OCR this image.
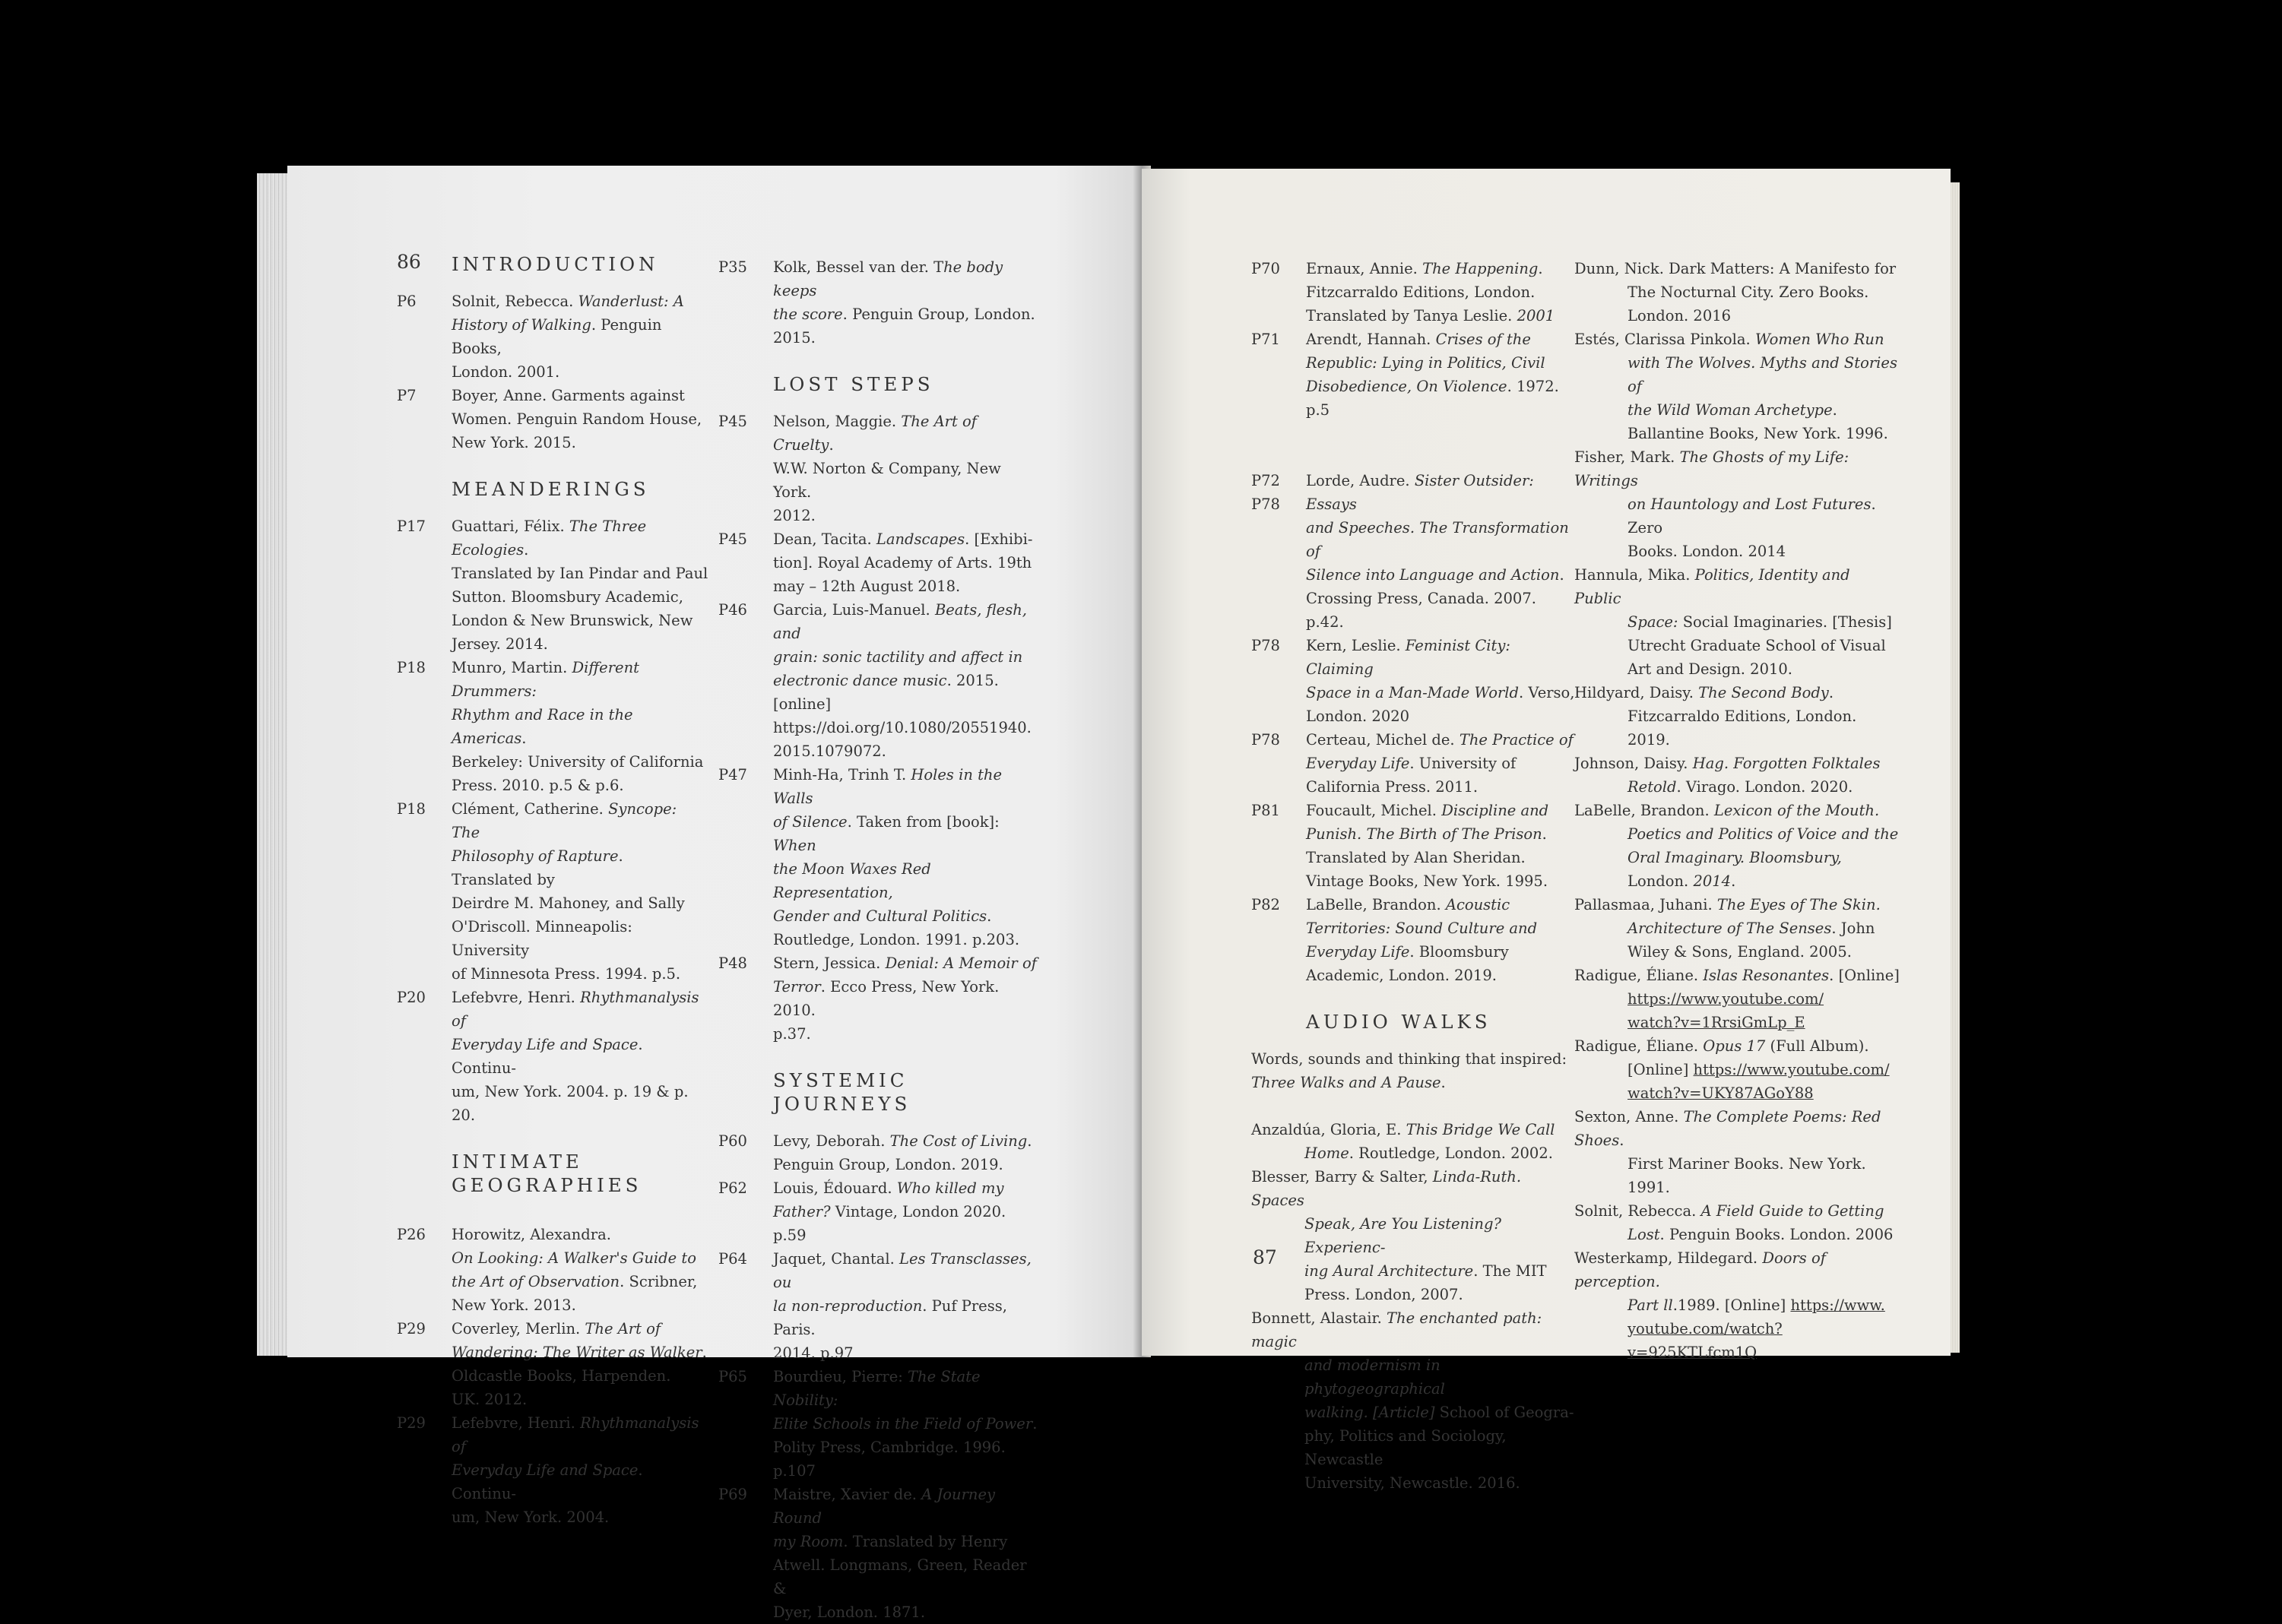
INTRODUCTION
P6 Solnit, Rebecca. Wanderlust: A
History of Walking. Penguin Books,
London. 2001.
P7 Boyer, Anne. Garments against
Women. Penguin Random House,
New York. 2015.
MEANDERINGS
P17 Guattari, Félix. The Three Ecologies.
Translated by Ian Pindar and Paul
Sutton. Bloomsbury Academic,
London & New Brunswick, New
Jersey. 2014.
P18 Munro, Martin. Different Drummers:
Rhythm and Race in the Americas.
Berkeley: University of California
Press. 2010. p.5 & p.6.
P18 Clément, Catherine. Syncope: The
Philosophy of Rapture. Translated by
Deirdre M. Mahoney, and Sally
O'Driscoll. Minneapolis: University
of Minnesota Press. 1994. p.5.
P20 Lefebvre, Henri. Rhythmanalysis of
Everyday Life and Space. Continu-
um, New York. 2004. p. 19 & p. 20.
INTIMATE
GEOGRAPHIES
P26 Horowitz, Alexandra.
On Looking: A Walker's Guide to
the Art of Observation. Scribner,
New York. 2013.
P29 Coverley, Merlin. The Art of
Wandering: The Writer as Walker.
Oldcastle Books, Harpenden.
UK. 2012.
P29 Lefebvre, Henri. Rhythmanalysis of
Everyday Life and Space. Continu-
um, New York. 2004.
P35 Kolk, Bessel van der. The body keeps
the score. Penguin Group, London.
2015.
LOST STEPS
P45 Nelson, Maggie. The Art of Cruelty.
W.W. Norton & Company, New York.
2012.
P45 Dean, Tacita. Landscapes. [Exhibi-
tion]. Royal Academy of Arts. 19th
may – 12th August 2018.
P46 Garcia, Luis-Manuel. Beats, flesh, and
grain: sonic tactility and affect in
electronic dance music. 2015. [online]
https://doi.org/10.1080/20551940.
2015.1079072.
P47 Minh-Ha, Trinh T. Holes in the Walls
of Silence. Taken from [book]: When
the Moon Waxes Red Representation,
Gender and Cultural Politics.
Routledge, London. 1991. p.203.
P48 Stern, Jessica. Denial: A Memoir of
Terror. Ecco Press, New York. 2010.
p.37.
SYSTEMIC
JOURNEYS
P60 Levy, Deborah. The Cost of Living.
Penguin Group, London. 2019.
P62 Louis, Édouard. Who killed my
Father? Vintage, London 2020. p.59
P64 Jaquet, Chantal. Les Transclasses, ou
la non-reproduction. Puf Press, Paris.
2014. p.97
P65 Bourdieu, Pierre: The State Nobility:
Elite Schools in the Field of Power.
Polity Press, Cambridge. 1996. p.107
P69 Maistre, Xavier de. A Journey Round
my Room. Translated by Henry
Atwell. Longmans, Green, Reader &
Dyer, London. 1871.
P70 Ernaux, Annie. The Happening.
Fitzcarraldo Editions, London.
Translated by Tanya Leslie. 2001
P71 Arendt, Hannah. Crises of the
Republic: Lying in Politics, Civil
Disobedience, On Violence. 1972. p.5
P72
P78
Lorde, Audre. Sister Outsider: Essays
and Speeches. The Transformation of
Silence into Language and Action.
Crossing Press, Canada. 2007. p.42.
P78 Kern, Leslie. Feminist City: Claiming
Space in a Man-Made World. Verso,
London. 2020
P78 Certeau, Michel de. The Practice of
Everyday Life. University of
California Press. 2011.
P81 Foucault, Michel. Discipline and
Punish. The Birth of The Prison.
Translated by Alan Sheridan.
Vintage Books, New York. 1995.
P82 LaBelle, Brandon. Acoustic
Territories: Sound Culture and
Everyday Life. Bloomsbury
Academic, London. 2019.
AUDIO WALKS
Words, sounds and thinking that inspired:
Three Walks and A Pause.
Anzaldúa, Gloria, E. This Bridge We Call
Home. Routledge, London. 2002.
Blesser, Barry & Salter, Linda-Ruth. Spaces
Speak, Are You Listening? Experienc-
ing Aural Architecture. The MIT
Press. London, 2007.
Bonnett, Alastair. The enchanted path: magic
and modernism in phytogeographical
walking. [Article] School of Geogra-
phy, Politics and Sociology, Newcastle
University, Newcastle. 2016.
Dunn, Nick. Dark Matters: A Manifesto for
The Nocturnal City. Zero Books.
London. 2016
Estés, Clarissa Pinkola. Women Who Run
with The Wolves. Myths and Stories of
the Wild Woman Archetype.
Ballantine Books, New York. 1996.
Fisher, Mark. The Ghosts of my Life: Writings
on Hauntology and Lost Futures. Zero
Books. London. 2014
Hannula, Mika. Politics, Identity and Public
Space: Social Imaginaries. [Thesis]
Utrecht Graduate School of Visual
Art and Design. 2010.
Hildyard, Daisy. The Second Body.
Fitzcarraldo Editions, London. 2019.
Johnson, Daisy. Hag. Forgotten Folktales
Retold. Virago. London. 2020.
LaBelle, Brandon. Lexicon of the Mouth.
Poetics and Politics of Voice and the
Oral Imaginary. Bloomsbury,
London. 2014.
Pallasmaa, Juhani. The Eyes of The Skin.
Architecture of The Senses. John
Wiley & Sons, England. 2005.
Radigue, Éliane. Islas Resonantes. [Online]
https://www.youtube.com/
watch?v=1RrsiGmLp_E
Radigue, Éliane. Opus 17 (Full Album).
[Online] https://www.youtube.com/
watch?v=UKY87AGoY88
Sexton, Anne. The Complete Poems: Red Shoes.
First Mariner Books. New York. 1991.
Solnit, Rebecca. A Field Guide to Getting
Lost. Penguin Books. London. 2006
Westerkamp, Hildegard. Doors of perception.
Part ll.1989. [Online] https://www.
youtube.com/watch?v=925KTLfcm1Q
86
87
